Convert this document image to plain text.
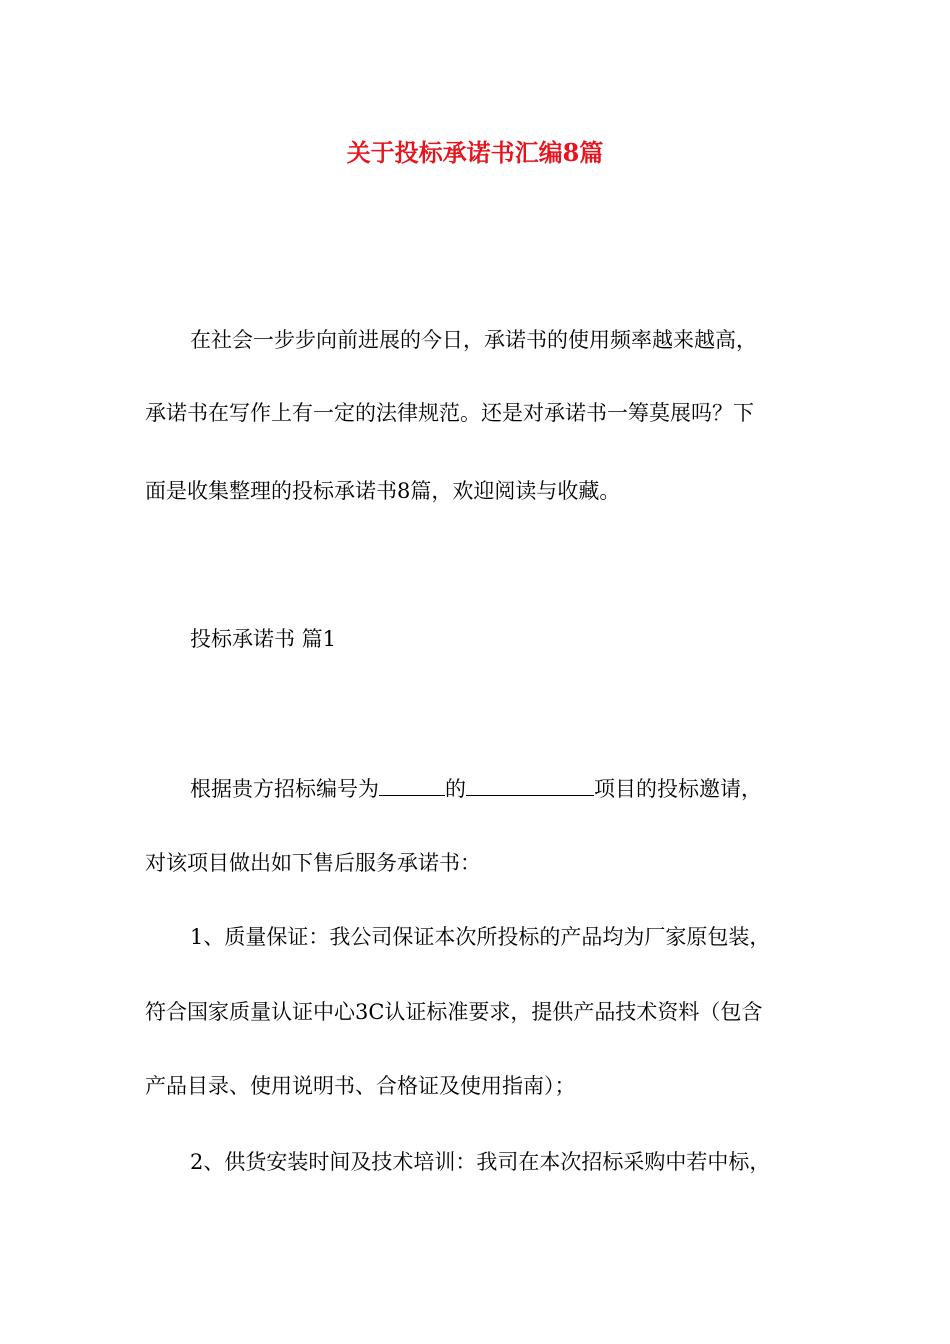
关于投标承诺书汇编8篇

在社会一步步向前进展的今日，承诺书的使用频率越来越高，

承诺书在写作上有一定的法律规范。还是对承诺书一筹莫展吗？下

面是收集整理的投标承诺书8篇，欢迎阅读与收藏。

投标承诺书 篇1

根据贵方招标编号为	的	项目的投标邀请，

对该项目做出如下售后服务承诺书：

1、质量保证：我公司保证本次所投标的产品均为厂家原包装，

符合国家质量认证中心3C认证标准要求，提供产品技术资料（包含

产品目录、使用说明书、合格证及使用指南）；

2、供货安装时间及技术培训：我司在本次招标采购中若中标，
